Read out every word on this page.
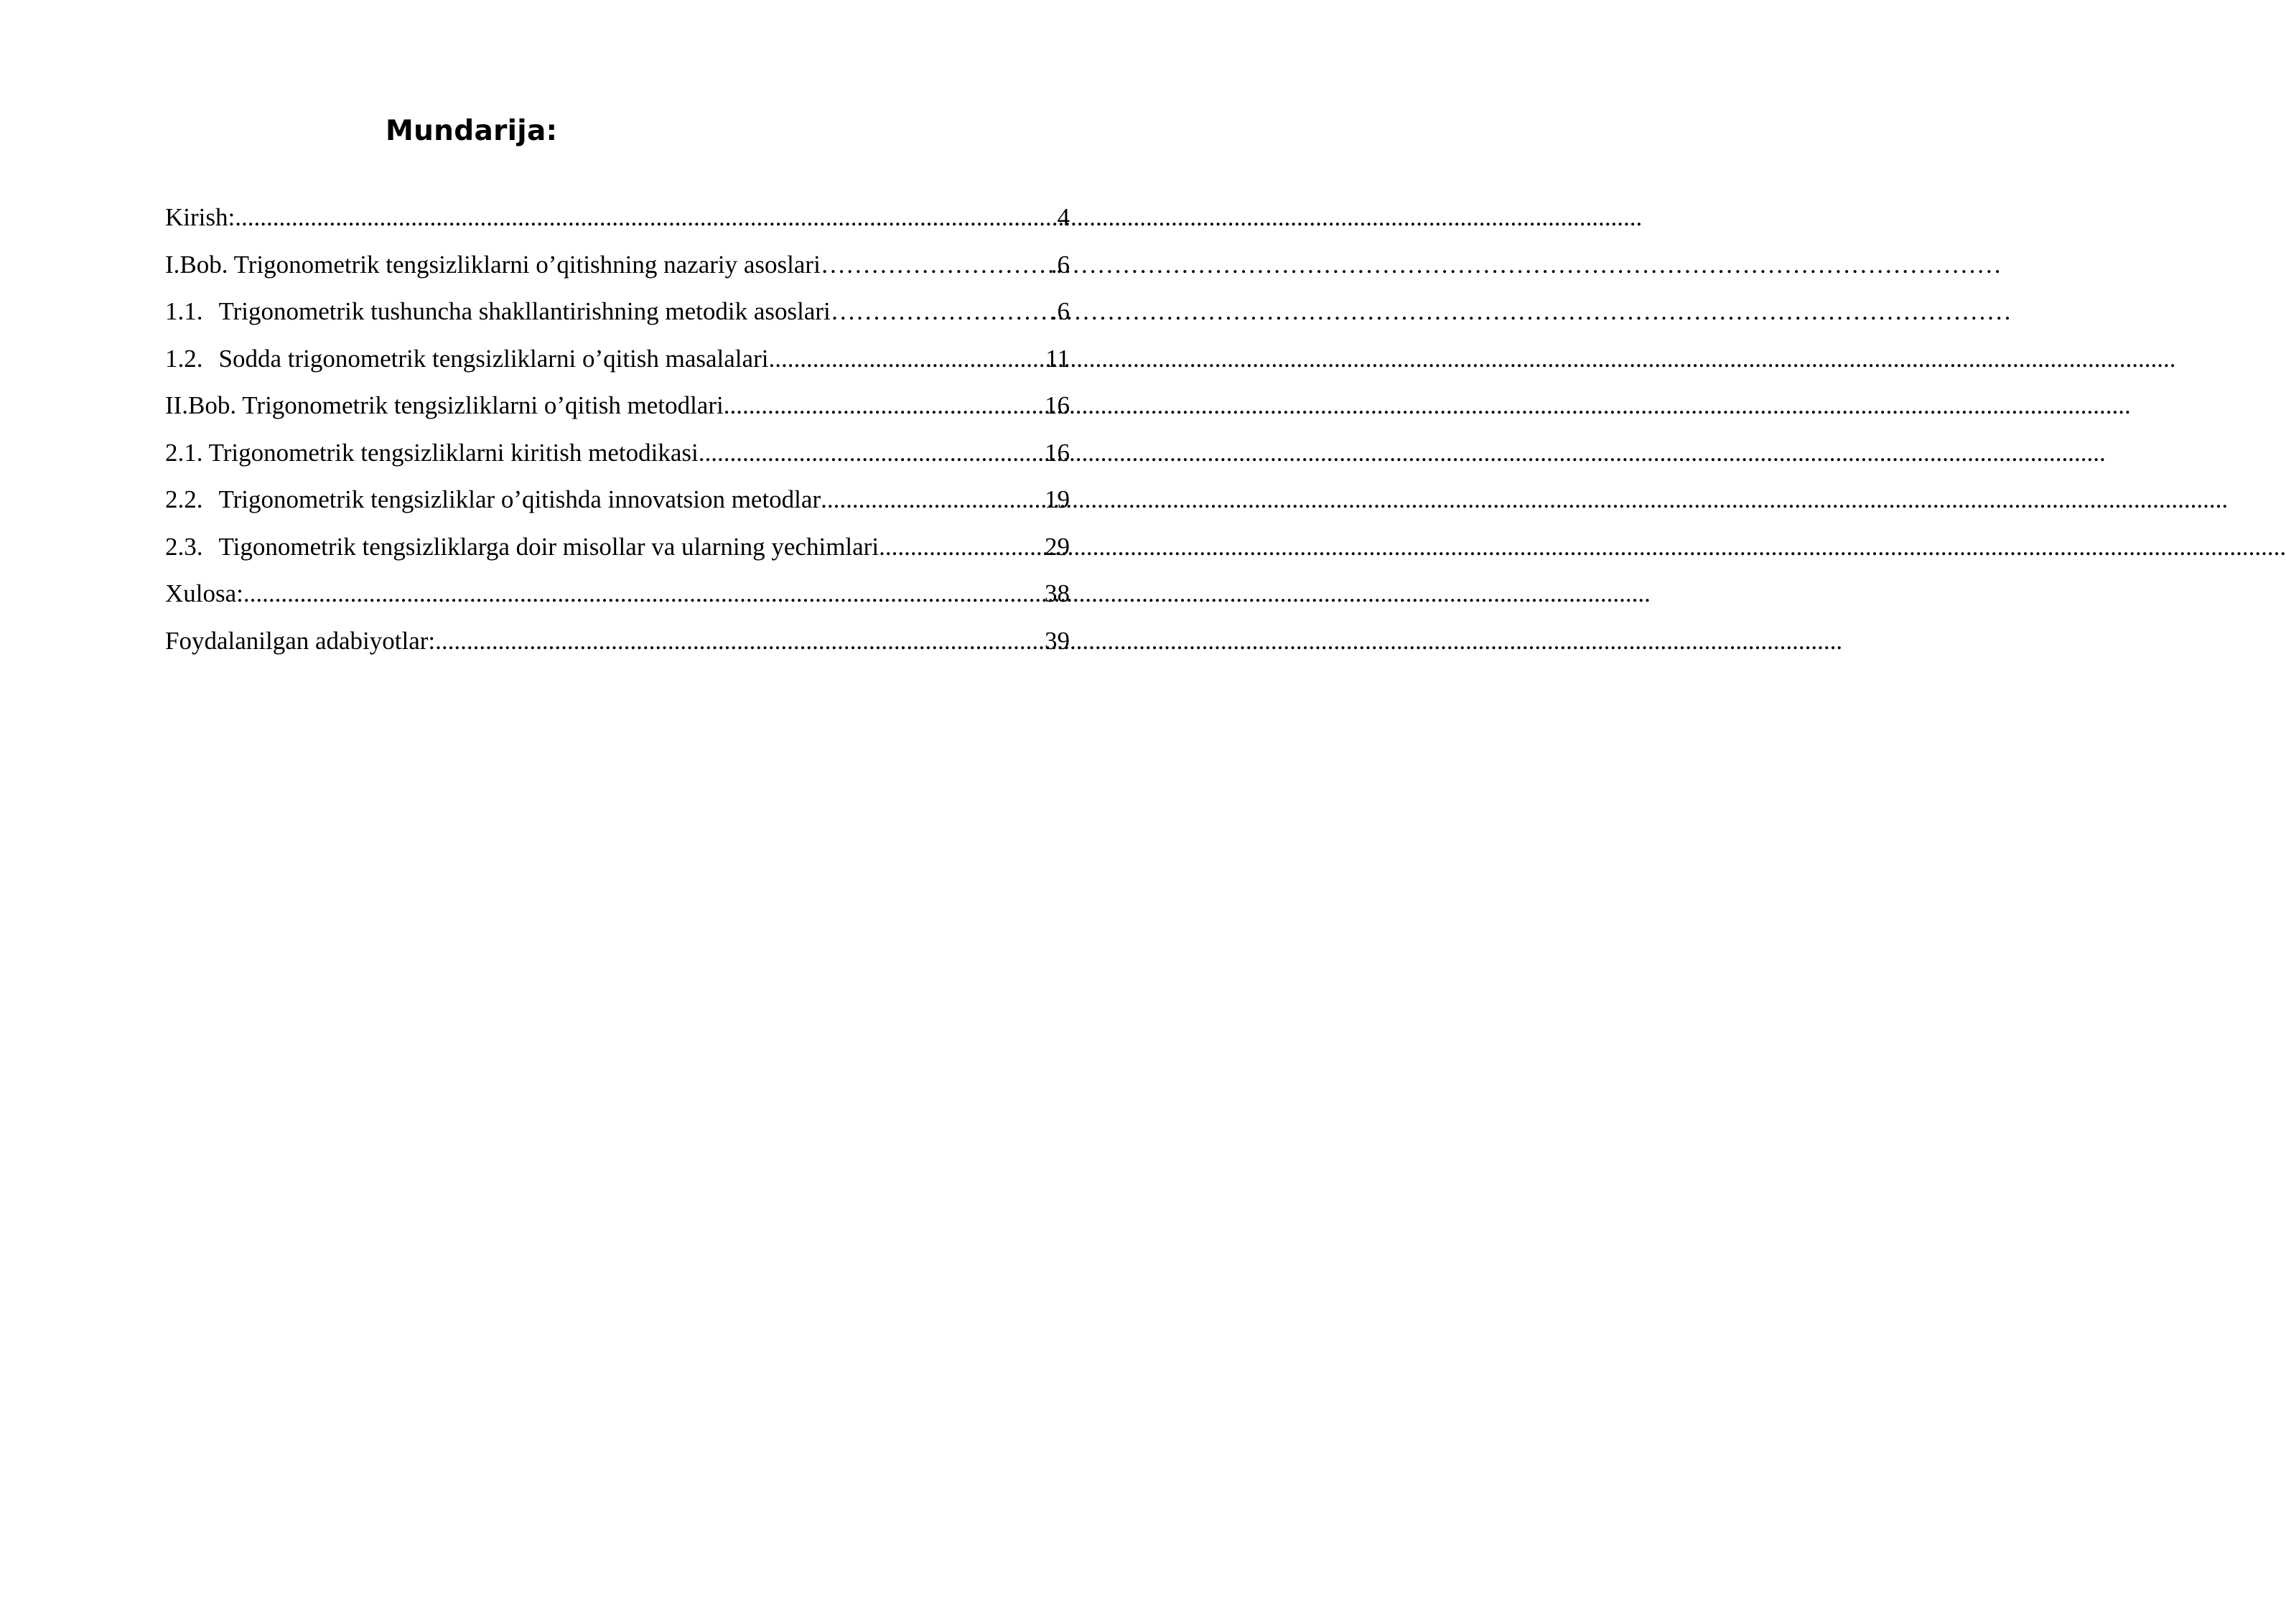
Mundarija:
Kirish: .....	4
I.Bob. Trigonometrik tengsizliklarni o’qitishning nazariy asoslari ……………………………………………………………………………………………………………………………	.6
1.1. Trigonometrik tushuncha shakllantirishning metodik asoslari ……………………………………………………………………………………………………………………………	.6
1.2. Sodda trigonometrik tengsizliklarni o’qitish masalalari .....	11
II.Bob. Trigonometrik tengsizliklarni o’qitish metodlari .....	16
2.1. Trigonometrik tengsizliklarni kiritish metodikasi .....	16
2.2. Trigonometrik tengsizliklar o’qitishda innovatsion metodlar .....	19
2.3. Tigonometrik tengsizliklarga doir misollar va ularning yechimlari .....	29
Xulosa: .....	38
Foydalanilgan adabiyotlar: .....	39
